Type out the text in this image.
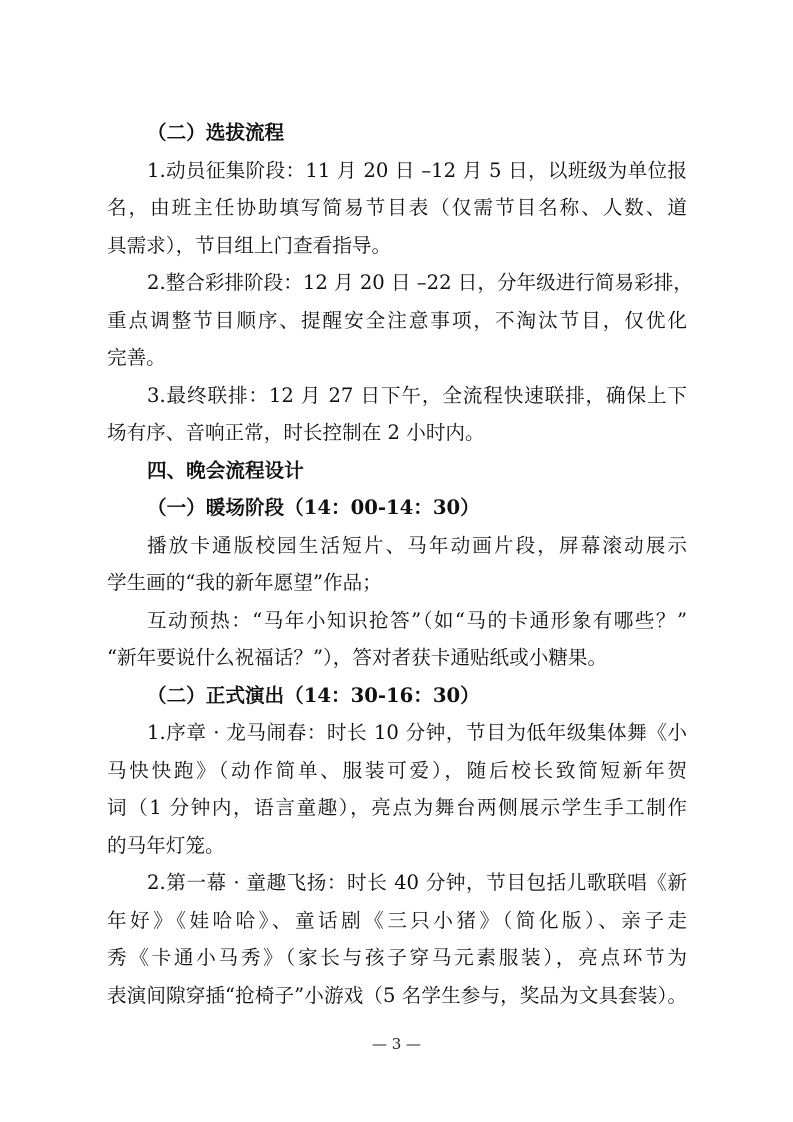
（二）选拔流程
1.动员征集阶段：11 月 20 日 –12 月 5 日，以班级为单位报
名，由班主任协助填写简易节目表（仅需节目名称、人数、道
具需求），节目组上门查看指导。
2.整合彩排阶段：12 月 20 日 –22 日，分年级进行简易彩排，
重点调整节目顺序、提醒安全注意事项，不淘汰节目，仅优化
完善。
3.最终联排：12 月 27 日下午，全流程快速联排，确保上下
场有序、音响正常，时长控制在 2 小时内。
四、晚会流程设计
（一）暖场阶段（14：00-14：30）
播放卡通版校园生活短片、马年动画片段，屏幕滚动展示
学生画的“我的新年愿望”作品；
互动预热：“马年小知识抢答”（如“马的卡通形象有哪些？”
“新年要说什么祝福话？”），答对者获卡通贴纸或小糖果。
（二）正式演出（14：30-16：30）
1.序章 · 龙马闹春：时长 10 分钟，节目为低年级集体舞《小
马快快跑》（动作简单、服装可爱），随后校长致简短新年贺
词（1 分钟内，语言童趣），亮点为舞台两侧展示学生手工制作
的马年灯笼。
2.第一幕 · 童趣飞扬：时长 40 分钟，节目包括儿歌联唱《新
年好》《娃哈哈》、童话剧《三只小猪》（简化版）、亲子走
秀《卡通小马秀》（家长与孩子穿马元素服装），亮点环节为
表演间隙穿插“抢椅子”小游戏（5 名学生参与，奖品为文具套装）。
— 3 —
